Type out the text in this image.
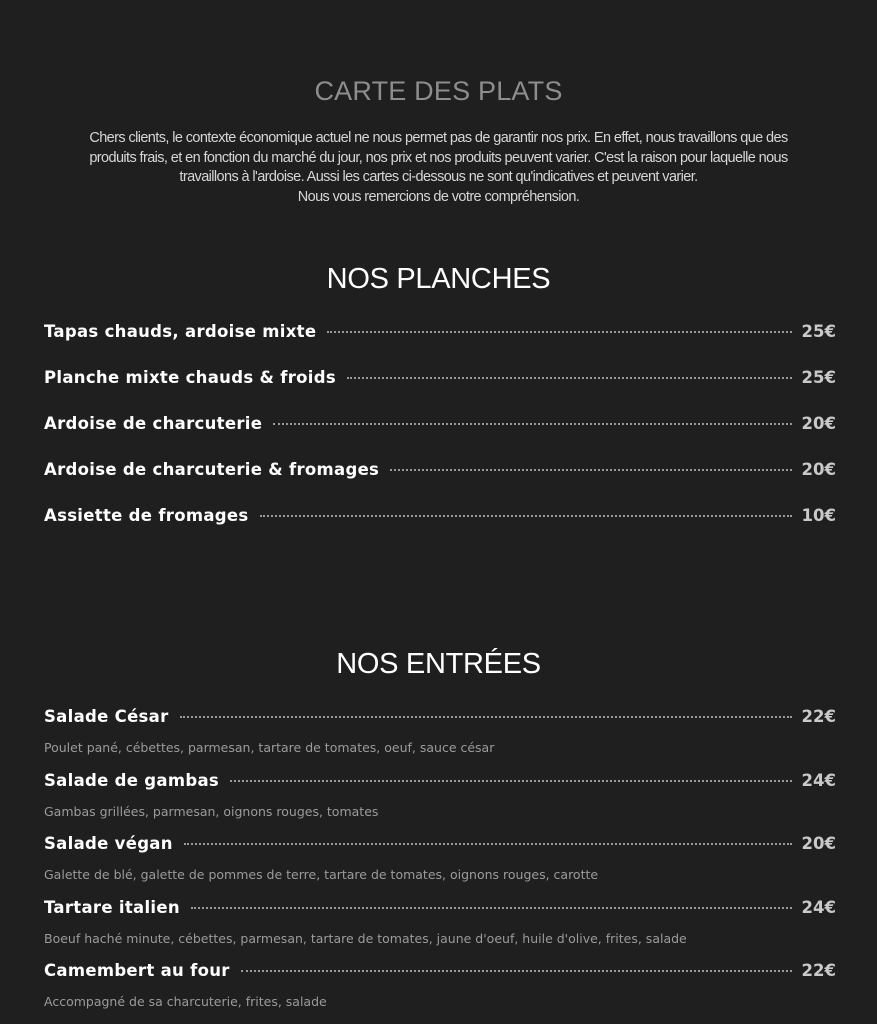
CARTE DES PLATS
Chers clients, le contexte économique actuel ne nous permet pas de garantir nos prix. En effet, nous travaillons que des
produits frais, et en fonction du marché du jour, nos prix et nos produits peuvent varier. C'est la raison pour laquelle nous
travaillons à l'ardoise. Aussi les cartes ci-dessous ne sont qu'indicatives et peuvent varier.
Nous vous remercions de votre compréhension.
NOS PLANCHES
Tapas chauds, ardoise mixte	25€
Planche mixte chauds & froids	25€
Ardoise de charcuterie	20€
Ardoise de charcuterie & fromages	20€
Assiette de fromages	10€
NOS ENTRÉES
Salade César	22€
Poulet pané, cébettes, parmesan, tartare de tomates, oeuf, sauce césar
Salade de gambas	24€
Gambas grillées, parmesan, oignons rouges, tomates
Salade végan	20€
Galette de blé, galette de pommes de terre, tartare de tomates, oignons rouges, carotte
Tartare italien	24€
Boeuf haché minute, cébettes, parmesan, tartare de tomates, jaune d'oeuf, huile d'olive, frites, salade
Camembert au four	22€
Accompagné de sa charcuterie, frites, salade
